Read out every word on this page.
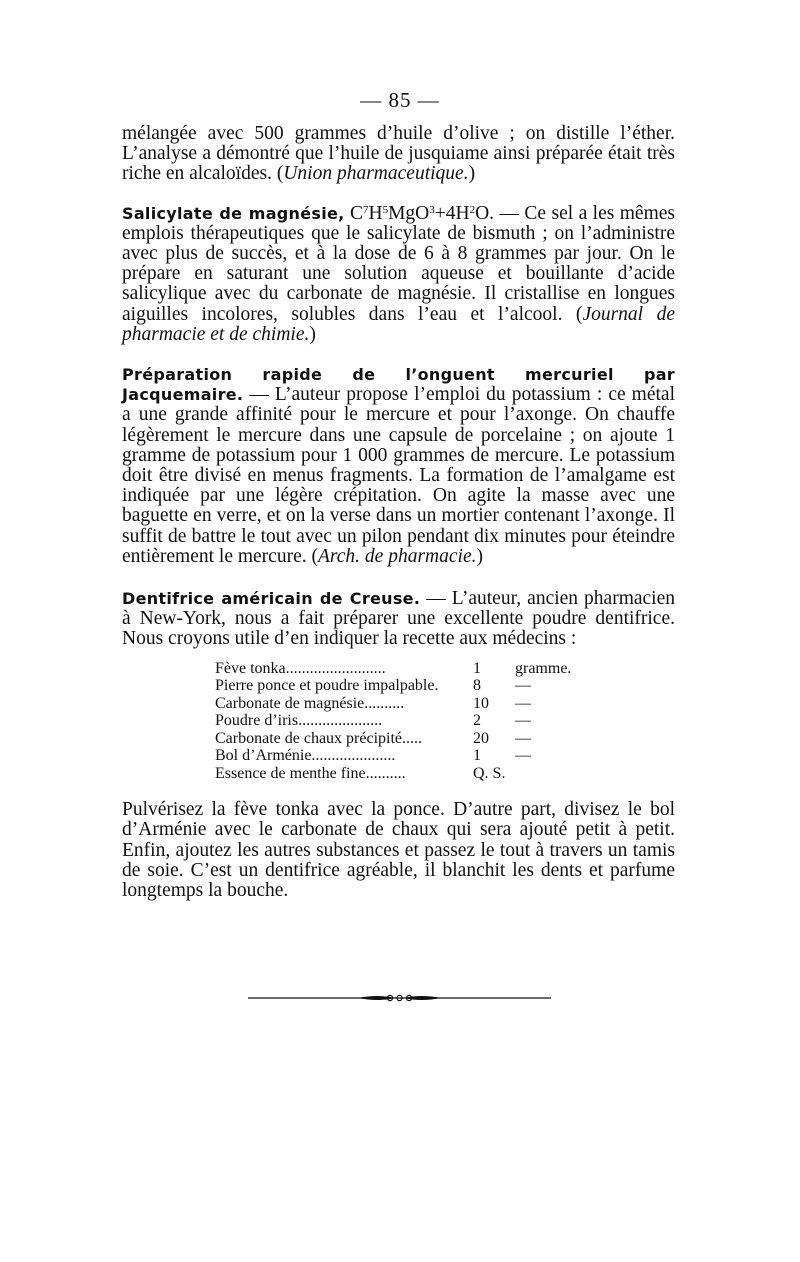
— 85 —

mélangée avec 500 grammes d’huile d’olive ; on distille l’éther. L’analyse a démontré que l’huile de jusquiame ainsi préparée était très riche en alcaloïdes. (Union pharmaceutique.)

Salicylate de magnésie, $C^7H^5MgO^3+4H^2O$. — Ce sel a les mêmes emplois thérapeutiques que le salicylate de bismuth ; on l’administre avec plus de succès, et à la dose de 6 à 8 grammes par jour. On le prépare en saturant une solution aqueuse et bouillante d’acide salicylique avec du carbonate de magnésie. Il cristallise en longues aiguilles incolores, solubles dans l’eau et l’alcool. (Journal de pharmacie et de chimie.)

Préparation rapide de l’onguent mercuriel par Jacquemaire. — L’auteur propose l’emploi du potassium : ce métal a une grande affinité pour le mercure et pour l’axonge. On chauffe légèrement le mercure dans une capsule de porcelaine ; on ajoute 1 gramme de potassium pour 1 000 grammes de mercure. Le potassium doit être divisé en menus fragments. La formation de l’amalgame est indiquée par une légère crépitation. On agite la masse avec une baguette en verre, et on la verse dans un mortier contenant l’axonge. Il suffit de battre le tout avec un pilon pendant dix minutes pour éteindre entièrement le mercure. (Arch. de pharmacie.)

Dentifrice américain de Creuse. — L’auteur, ancien pharmacien à New-York, nous a fait préparer une excellente poudre dentifrice. Nous croyons utile d’en indiquer la recette aux médecins :

Fève tonka.........................	1	gramme.
Pierre ponce et poudre impalpable.	8	—
Carbonate de magnésie..........	10	—
Poudre d’iris.....................	2	—
Carbonate de chaux précipité.....	20	—
Bol d’Arménie.....................	1	—
Essence de menthe fine..........	Q. S.	

Pulvérisez la fève tonka avec la ponce. D’autre part, divisez le bol d’Arménie avec le carbonate de chaux qui sera ajouté petit à petit. Enfin, ajoutez les autres substances et passez le tout à travers un tamis de soie. C’est un dentifrice agréable, il blanchit les dents et parfume longtemps la bouche.
